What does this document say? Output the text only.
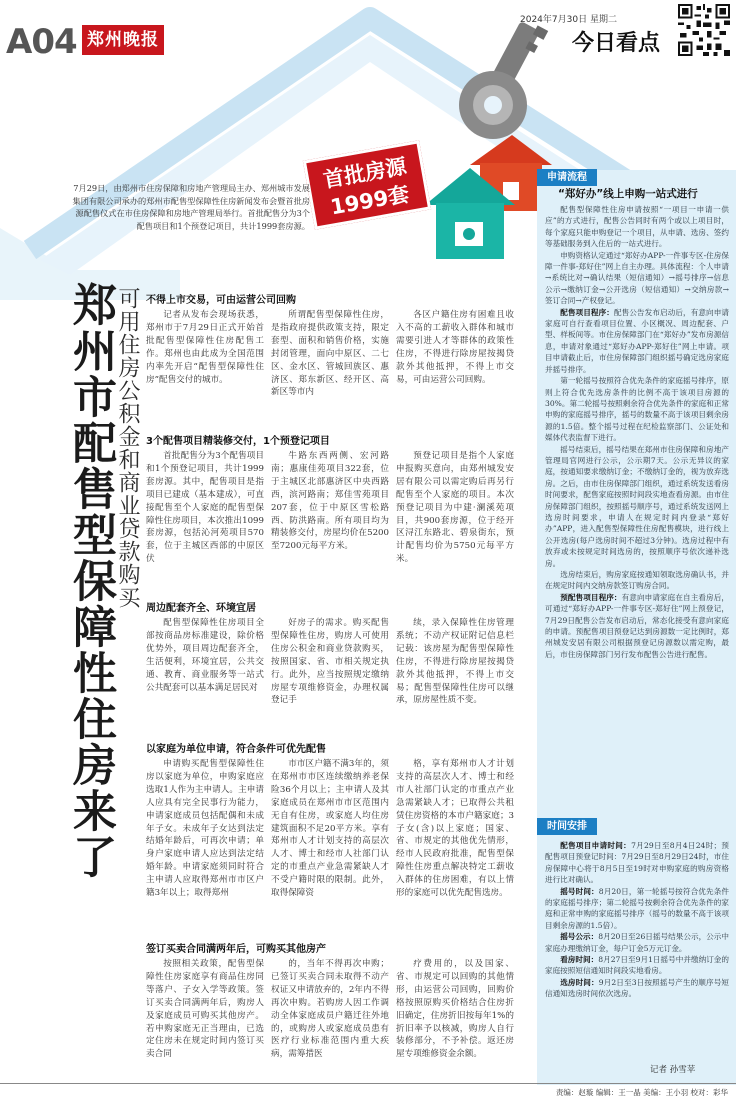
A04 郑州晚报
2024年7月30日 星期二
今日看点
首批房源
1999套
7月29日，由郑州市住房保障和房地产管理局主办、郑州城市发展集团有限公司承办的郑州市配售型保障性住房新闻发布会暨首批房源配售仪式在市住房保障和房地产管理局举行。首批配售分为3个配售项目和1个预登记项目，共计1999套房源。
郑州市配售型保障性住房来了 可用住房公积金和商业贷款购买 不得上市交易，可由运营公司回购

记者从发布会现场获悉，郑州市于7月29日正式开始首批配售型保障性住房配售工作。郑州也由此成为全国范围内率先开启“配售型保障性住房”配售交付的城市。

所谓配售型保障性住房，是指政府提供政策支持，限定套型、面积和销售价格，实施封闭管理，面向中原区、二七区、金水区、管城回族区、惠济区、郑东新区、经开区、高新区等市内

各区户籍住房有困难且收入不高的工薪收入群体和城市需要引进人才等群体的政策性住房，不得进行除房屋按揭贷款外其他抵押，不得上市交易，可由运营公司回购。

3个配售项目精装修交付，1个预登记项目

首批配售分为3个配售项目和1个预登记项目，共计1999套房源。其中，配售项目是指项目已建成（基本建成），可直接配售至个人家庭的配售型保障性住房项目，本次推出1099套房源，包括沁河苑项目570套，位于主城区西部的中原区伏

牛路东西两侧、宏河路南；惠康佳苑项目322套，位于主城区北部惠济区中央西路西，滨河路南；郑佳雪苑项目207套，位于中原区雪松路西、防洪路南。所有项目均为精装修交付，房屋均价在5200至7200元每平方米。

预登记项目是指个人家庭申报购买意向，由郑州城发安居有限公司以需定购后再另行配售至个人家庭的项目。本次预登记项目为中建·澜溪苑项目，共900套房源，位于经开区浔江东路北、碧泉街东，预计配售均价为5750元每平方米。

周边配套齐全、环境宜居

配售型保障性住房项目全部按商品房标准建设，除价格优势外，项目周边配套齐全，生活便利，环境宜居，公共交通、教育、商业服务等一站式公共配套可以基本满足居民对

好房子的需求。购买配售型保障性住房，购房人可使用住房公积金和商业贷款购买，按照国家、省、市相关规定执行。此外，应当按照规定缴纳房屋专项维修资金，办理权属登记手

续，录入保障性住房管理系统；不动产权证附记信息栏记载：该房屋为配售型保障性住房，不得进行除房屋按揭贷款外其他抵押，不得上市交易；配售型保障性住房可以继承，原房屋性质不变。

以家庭为单位申请，符合条件可优先配售

申请购买配售型保障性住房以家庭为单位，申购家庭应选取1人作为主申请人。主申请人应具有完全民事行为能力，申请家庭成员包括配偶和未成年子女。未成年子女达到法定结婚年龄后，可再次申请；单身户家庭申请人应达到法定结婚年龄。申请家庭须同时符合主申请人应取得郑州市市区户籍3年以上；取得郑州

市市区户籍不满3年的，须在郑州市市区连续缴纳养老保险36个月以上；主申请人及其家庭成员在郑州市市区范围内无自有住房，或家庭人均住房建筑面积不足20平方米。享有郑州市人才计划支持的高层次人才、博士和经市人社部门认定的市重点产业急需紧缺人才不受户籍时限的限制。此外，取得保障资

格，享有郑州市人才计划支持的高层次人才、博士和经市人社部门认定的市重点产业急需紧缺人才；已取得公共租赁住房资格的本市户籍家庭；3子女(含)以上家庭；国家、省、市规定的其他优先情形，经市人民政府批准，配售型保障性住房重点解决特定工薪收入群体的住房困难，有以上情形的家庭可以优先配售选房。

签订买卖合同满两年后，可购买其他房产

按照相关政策，配售型保障性住房家庭享有商品住房同等落户、子女入学等政策。签订买卖合同满两年后，购房人及家庭成员可购买其他房产。若申购家庭无正当理由，已选定住房未在规定时间内签订买卖合同

的，当年不得再次申购；已签订买卖合同未取得不动产权证又申请放弃的，2年内不得再次申购。若购房人因工作调动全体家庭成员户籍迁往外地的，或购房人或家庭成员患有医疗行业标准范围内重大疾病，需筹措医

疗费用的，以及国家、省、市规定可以回购的其他情形，由运营公司回购，回购价格按照原购买价格结合住房折旧确定，住房折旧按每年1%的折旧率予以核减，购房人自行装修部分，不予补偿。返还房屋专项维修资金余额。

申请流程
“郑好办”线上申购一站式进行

配售型保障性住房申请按照“一项目一申请一供应”的方式进行，配售公告同时有两个或以上项目时，每个家庭只能申购登记一个项目，从申请、选房、签约等基础服务到入住后的一站式进行。

申购资格认定通过“郑好办APP-一件事专区-住房保障一件事-郑好住”网上自主办理。具体流程：个人申请→系统比对→确认结果（短信通知）→摇号排序→信息公示→缴纳订金→公开选房（短信通知）→交纳房款→签订合同→产权登记。

配售项目程序：配售公告发布启动后，有意向申请家庭可自行查看项目位置、小区概况、周边配套、户型、样板间等。市住房保障部门在“郑好办”发布房源信息，申请对象通过“郑好办APP-郑好住”网上申请。项目申请截止后，市住房保障部门组织摇号确定选房家庭并摇号排序。

第一轮摇号按照符合优先条件的家庭摇号排序，原则上符合优先选房条件的比例不高于该项目房源的30%。第二轮摇号按照剩余符合优先条件的家庭和正常申购的家庭摇号排序，摇号的数量不高于该项目剩余房源的1.5倍。整个摇号过程在纪检监察部门、公证处和媒体代表监督下进行。

摇号结束后，摇号结果在郑州市住房保障和房地产管理局官网进行公示，公示期7天。公示无异议的家庭，按通知要求缴纳订金；不缴纳订金的，视为放弃选房。之后，由市住房保障部门组织，通过系统发送看房时间要求，配售家庭按照时间段实地查看房源。由市住房保障部门组织，按照摇号顺序号，通过系统发送网上选房时间要求，申请人在规定时间内登录“郑好办”APP，进入配售型保障性住房配售模块，进行线上公开选房(每户选房时间不超过3分钟)。选房过程中有放弃或未按规定时间选房的，按照顺序号依次递补选房。

选房结束后，购房家庭按通知领取选房确认书，并在规定时间内交纳房款签订购房合同。

预配售项目程序：有意向申请家庭在自主看房后，可通过“郑好办APP-一件事专区-郑好住”网上预登记，7月29日配售公告发布启动后，常态化接受有意向家庭的申请。预配售项目预登记达到房源数一定比例时，郑州城发安居有限公司根据预登记房源数以需定购，最后，市住房保障部门另行发布配售公告进行配售。

时间安排

配售项目申请时间：7月29日至8月4日24时；预配售项目预登记时间：7月29日至8月29日24时，市住房保障中心将于8月5日至19时对申购家庭的购房资格进行比对确认。

摇号时间：8月20日，第一轮摇号按符合优先条件的家庭摇号排序；第二轮摇号按剩余符合优先条件的家庭和正常申购的家庭摇号排序（摇号的数量不高于该项目剩余房源的1.5倍）。

摇号公示：8月20日至26日摇号结果公示，公示中家庭办理缴纳订金，每户订金5万元订金。

看房时间：8月27日至9月1日摇号中并缴纳订金的家庭按照短信通知时间段实地看房。

选房时间：9月2日至3日按照摇号产生的顺序号短信通知选房时间依次选房。

记者 孙雪苹
责编：赵璇 编辑：王一晶 美编：王小羽 校对：彩华
